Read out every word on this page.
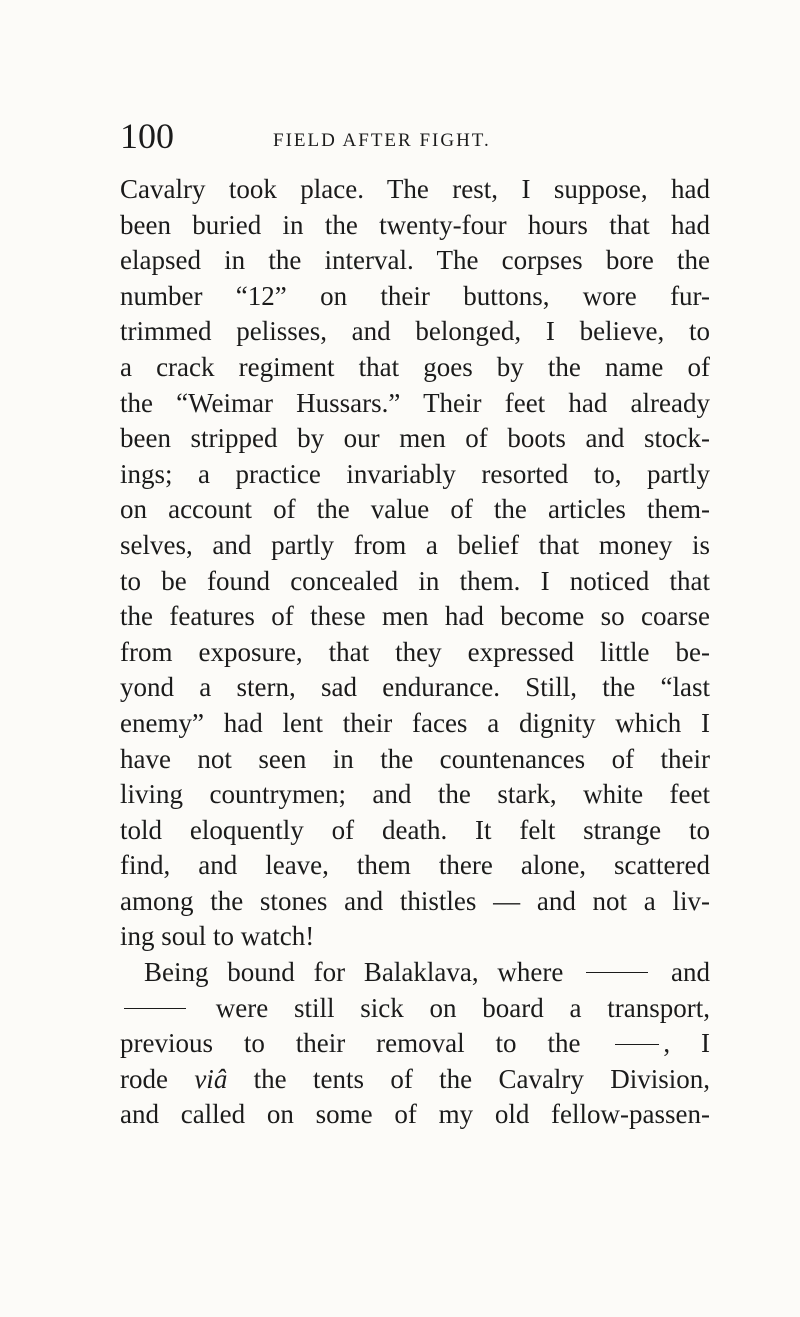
100	FIELD AFTER FIGHT.
Cavalry took place. The rest, I suppose, had
been buried in the twenty-four hours that had
elapsed in the interval. The corpses bore the
number “12” on their buttons, wore fur-
trimmed pelisses, and belonged, I believe, to
a crack regiment that goes by the name of
the “Weimar Hussars.” Their feet had already
been stripped by our men of boots and stock-
ings; a practice invariably resorted to, partly
on account of the value of the articles them-
selves, and partly from a belief that money is
to be found concealed in them. I noticed that
the features of these men had become so coarse
from exposure, that they expressed little be-
yond a stern, sad endurance. Still, the “last
enemy” had lent their faces a dignity which I
have not seen in the countenances of their
living countrymen; and the stark, white feet
told eloquently of death. It felt strange to
find, and leave, them there alone, scattered
among the stones and thistles — and not a liv-
ing soul to watch!
Being bound for Balaklava, where	and
were still sick on board a transport,
previous to their removal to the	, I
rode viâ the tents of the Cavalry Division,
and called on some of my old fellow-passen-
